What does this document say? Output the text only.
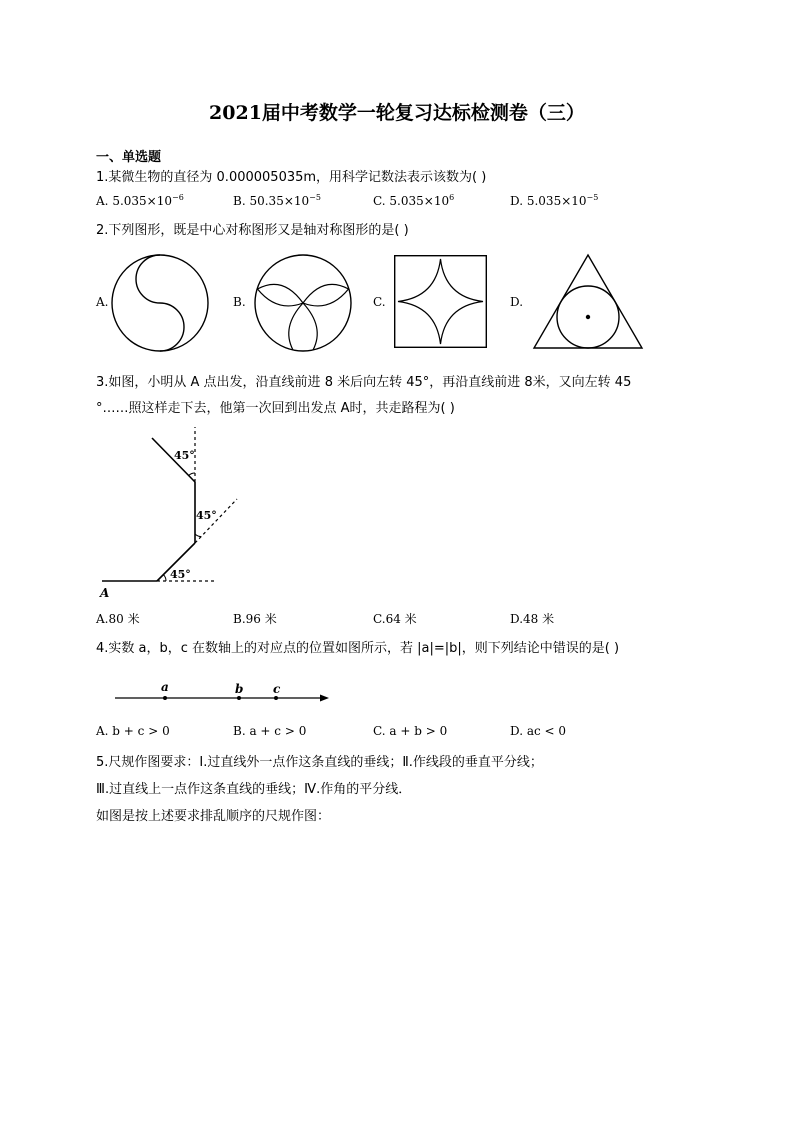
2021届中考数学一轮复习达标检测卷（三）
一、单选题
1.某微生物的直径为 0.000005035m，用科学记数法表示该数为( )
A. $5.035\times 10^{-6}$	B. $50.35\times 10^{-5}$	C. $5.035\times 10^6$	D. $5.035\times 10^{-5}$
2.下列图形，既是中心对称图形又是轴对称图形的是( )
A.	B.	C.	D.
3.如图，小明从 A 点出发，沿直线前进 8 米后向左转 45°，再沿直线前进 8米，又向左转 45
°……照这样走下去，他第一次回到出发点 A时，共走路程为( )
45°
45°
45°
A
A.80 米	B.96 米	C.64 米	D.48 米
4.实数 a，b，c 在数轴上的对应点的位置如图所示，若 |a|=|b|，则下列结论中错误的是( )
a	b c
A. b + c > 0	B. a + c > 0	C. a + b > 0	D. ac < 0
5.尺规作图要求：Ⅰ.过直线外一点作这条直线的垂线；Ⅱ.作线段的垂直平分线；
Ⅲ.过直线上一点作这条直线的垂线；Ⅳ.作角的平分线．
如图是按上述要求排乱顺序的尺规作图：
